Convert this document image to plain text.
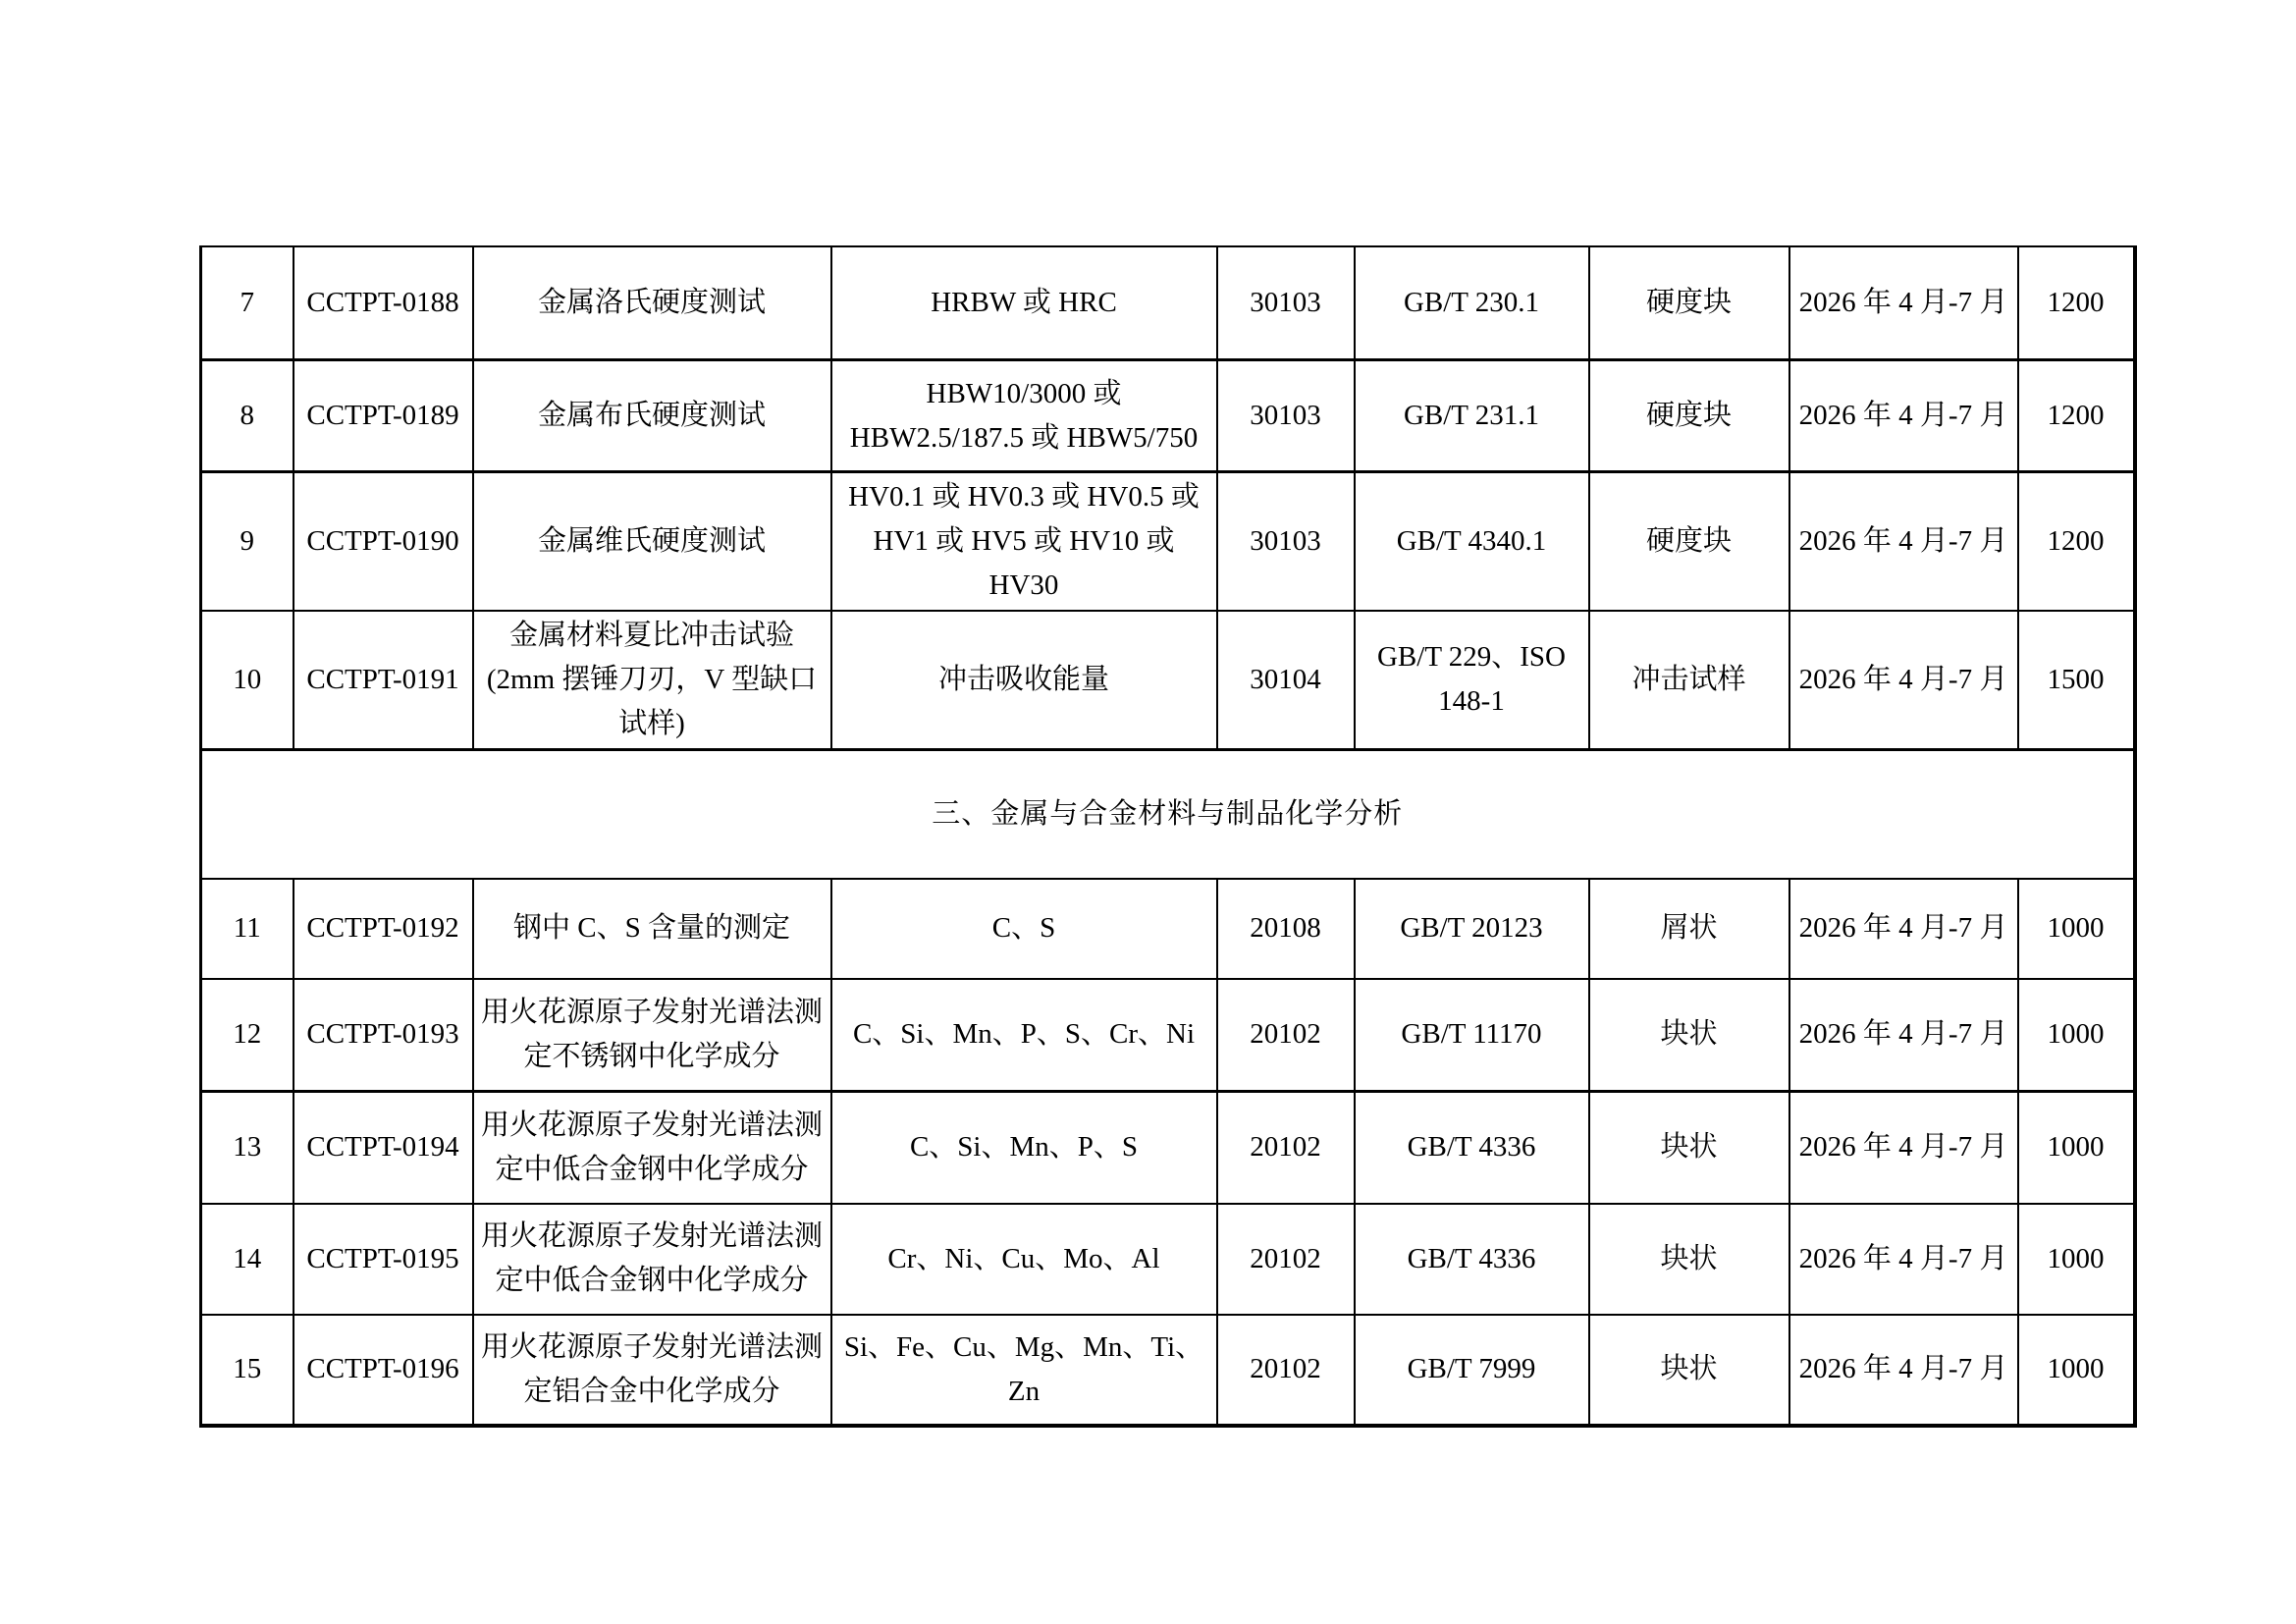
7	CCTPT-0188	金属洛氏硬度测试	HRBW 或 HRC	30103	GB/T 230.1	硬度块	2026 年 4 月-7 月	1200
8	CCTPT-0189	金属布氏硬度测试	HBW10/3000 或 HBW2.5/187.5 或 HBW5/750	30103	GB/T 231.1	硬度块	2026 年 4 月-7 月	1200
9	CCTPT-0190	金属维氏硬度测试	HV0.1 或 HV0.3 或 HV0.5 或 HV1 或 HV5 或 HV10 或 HV30	30103	GB/T 4340.1	硬度块	2026 年 4 月-7 月	1200
10	CCTPT-0191	金属材料夏比冲击试验(2mm 摆锤刀刃，V 型缺口试样)	冲击吸收能量	30104	GB/T 229、ISO 148-1	冲击试样	2026 年 4 月-7 月	1500
三、金属与合金材料与制品化学分析								
11	CCTPT-0192	钢中 C、S 含量的测定	C、S	20108	GB/T 20123	屑状	2026 年 4 月-7 月	1000
12	CCTPT-0193	用火花源原子发射光谱法测定不锈钢中化学成分	C、Si、Mn、P、S、Cr、Ni	20102	GB/T 11170	块状	2026 年 4 月-7 月	1000
13	CCTPT-0194	用火花源原子发射光谱法测定中低合金钢中化学成分	C、Si、Mn、P、S	20102	GB/T 4336	块状	2026 年 4 月-7 月	1000
14	CCTPT-0195	用火花源原子发射光谱法测定中低合金钢中化学成分	Cr、Ni、Cu、Mo、Al	20102	GB/T 4336	块状	2026 年 4 月-7 月	1000
15	CCTPT-0196	用火花源原子发射光谱法测定铝合金中化学成分	Si、Fe、Cu、Mg、Mn、Ti、Zn	20102	GB/T 7999	块状	2026 年 4 月-7 月	1000
